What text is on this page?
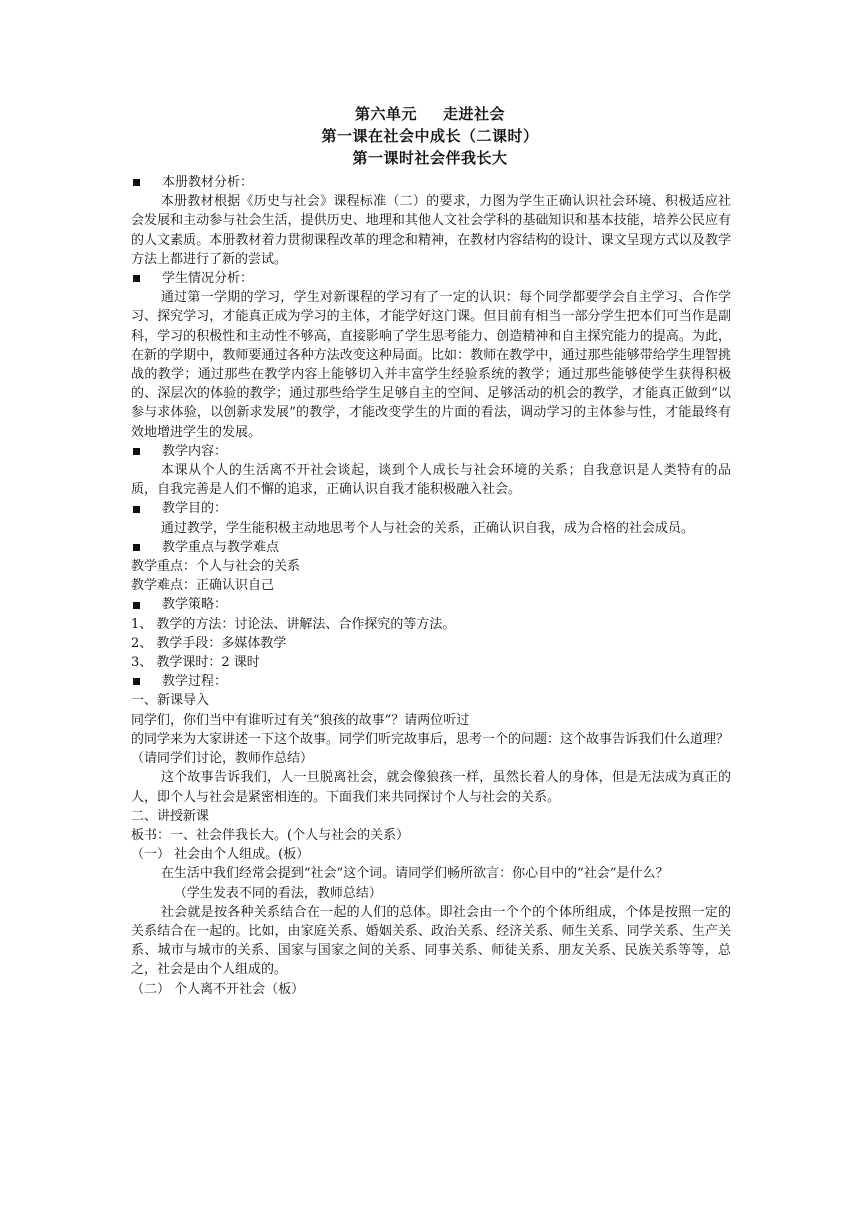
第六单元 走进社会
第一课在社会中成长（二课时）
第一课时社会伴我长大
本册教材分析：

本册教材根据《历史与社会》课程标准（二）的要求，力图为学生正确认识社会环境、积极适应社会发展和主动参与社会生活，提供历史、地理和其他人文社会学科的基础知识和基本技能，培养公民应有的人文素质。本册教材着力贯彻课程改革的理念和精神，在教材内容结构的设计、课文呈现方式以及教学方法上都进行了新的尝试。

学生情况分析：

通过第一学期的学习，学生对新课程的学习有了一定的认识：每个同学都要学会自主学习、合作学习、探究学习，才能真正成为学习的主体，才能学好这门课。但目前有相当一部分学生把本们可当作是副科，学习的积极性和主动性不够高，直接影响了学生思考能力、创造精神和自主探究能力的提高。为此，在新的学期中，教师要通过各种方法改变这种局面。比如：教师在教学中，通过那些能够带给学生理智挑战的教学；通过那些在教学内容上能够切入并丰富学生经验系统的教学；通过那些能够使学生获得积极的、深层次的体验的教学；通过那些给学生足够自主的空间、足够活动的机会的教学，才能真正做到“以参与求体验，以创新求发展”的教学，才能改变学生的片面的看法，调动学习的主体参与性，才能最终有效地增进学生的发展。

教学内容：

本课从个人的生活离不开社会谈起，谈到个人成长与社会环境的关系；自我意识是人类特有的品质，自我完善是人们不懈的追求，正确认识自我才能积极融入社会。

教学目的：

通过教学，学生能积极主动地思考个人与社会的关系，正确认识自我，成为合格的社会成员。

教学重点与教学难点

教学重点：个人与社会的关系

教学难点：正确认识自己

教学策略：

1、 教学的方法：讨论法、讲解法、合作探究的等方法。

2、 教学手段：多媒体教学

3、 教学课时：2 课时

教学过程：

一、新课导入

同学们，你们当中有谁听过有关“狼孩的故事”？请两位听过

的同学来为大家讲述一下这个故事。同学们听完故事后，思考一个的问题：这个故事告诉我们什么道理？

（请同学们讨论，教师作总结）

这个故事告诉我们，人一旦脱离社会，就会像狼孩一样，虽然长着人的身体，但是无法成为真正的人，即个人与社会是紧密相连的。下面我们来共同探讨个人与社会的关系。

二、讲授新课

板书：一、社会伴我长大。(个人与社会的关系）

（一） 社会由个人组成。(板）

在生活中我们经常会提到“社会”这个词。请同学们畅所欲言：你心目中的“社会”是什么？

（学生发表不同的看法，教师总结）

社会就是按各种关系结合在一起的人们的总体。即社会由一个个的个体所组成，个体是按照一定的关系结合在一起的。比如，由家庭关系、婚姻关系、政治关系、经济关系、师生关系、同学关系、生产关系、城市与城市的关系、国家与国家之间的关系、同事关系、师徒关系、朋友关系、民族关系等等，总之，社会是由个人组成的。

（二） 个人离不开社会（板）
